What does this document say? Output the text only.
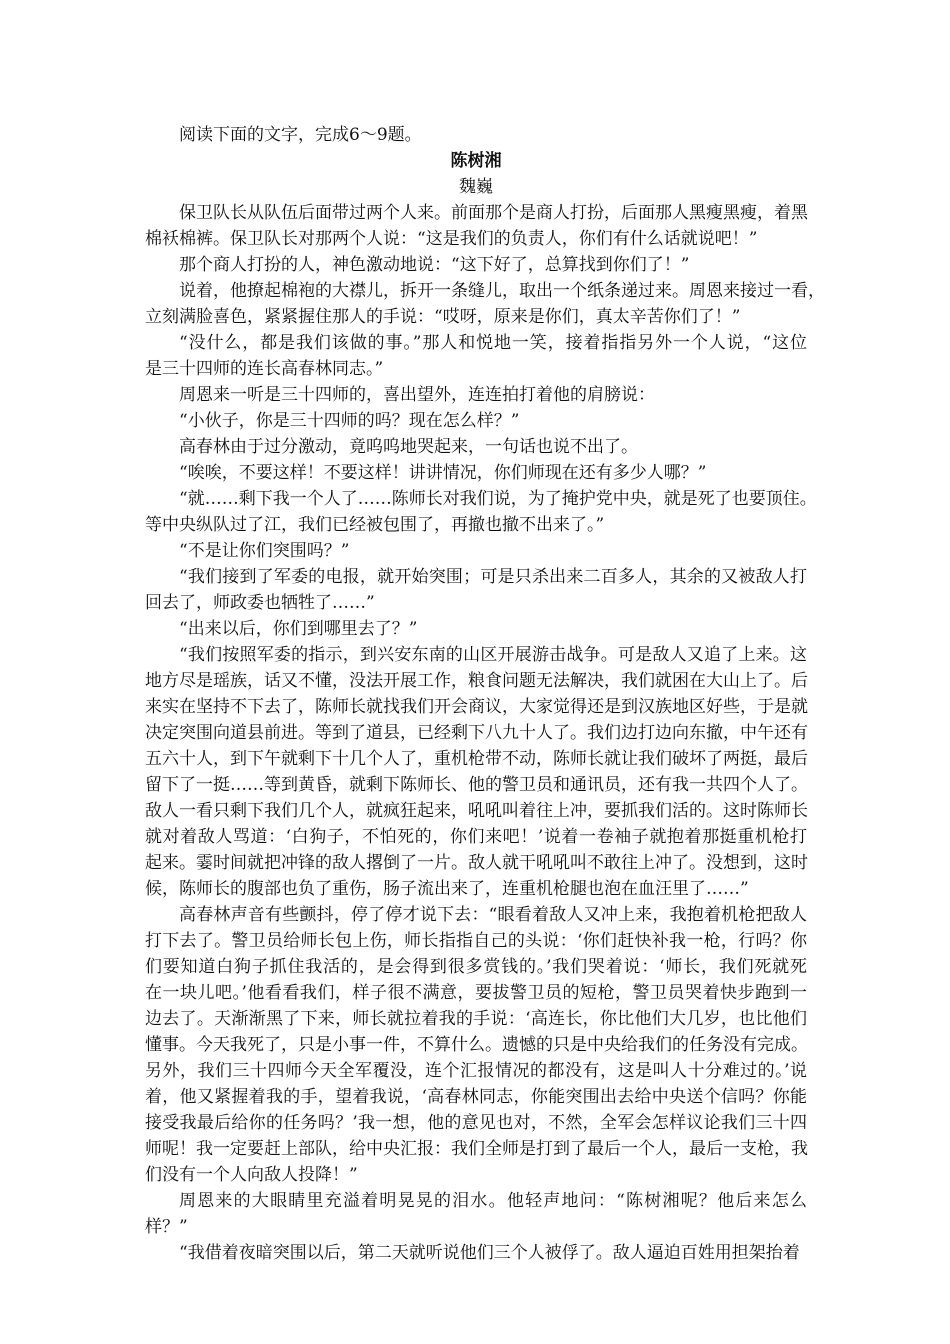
阅读下面的文字，完成6～9题。
陈树湘
魏巍
保卫队长从队伍后面带过两个人来。前面那个是商人打扮，后面那人黑瘦黑瘦，着黑
棉袄棉裤。保卫队长对那两个人说：“这是我们的负责人，你们有什么话就说吧！”
那个商人打扮的人，神色激动地说：“这下好了，总算找到你们了！”
说着，他撩起棉袍的大襟儿，拆开一条缝儿，取出一个纸条递过来。周恩来接过一看，
立刻满脸喜色，紧紧握住那人的手说：“哎呀，原来是你们，真太辛苦你们了！”
“没什么，都是我们该做的事。”那人和悦地一笑，接着指指另外一个人说，“这位
是三十四师的连长高春林同志。”
周恩来一听是三十四师的，喜出望外，连连拍打着他的肩膀说：
“小伙子，你是三十四师的吗？现在怎么样？”
高春林由于过分激动，竟呜呜地哭起来，一句话也说不出了。
“唉唉，不要这样！不要这样！讲讲情况，你们师现在还有多少人哪？”
“就……剩下我一个人了……陈师长对我们说，为了掩护党中央，就是死了也要顶住。
等中央纵队过了江，我们已经被包围了，再撤也撤不出来了。”
“不是让你们突围吗？”
“我们接到了军委的电报，就开始突围；可是只杀出来二百多人，其余的又被敌人打
回去了，师政委也牺牲了……”
“出来以后，你们到哪里去了？”
“我们按照军委的指示，到兴安东南的山区开展游击战争。可是敌人又追了上来。这
地方尽是瑶族，话又不懂，没法开展工作，粮食问题无法解决，我们就困在大山上了。后
来实在坚持不下去了，陈师长就找我们开会商议，大家觉得还是到汉族地区好些，于是就
决定突围向道县前进。等到了道县，已经剩下八九十人了。我们边打边向东撤，中午还有
五六十人，到下午就剩下十几个人了，重机枪带不动，陈师长就让我们破坏了两挺，最后
留下了一挺……等到黄昏，就剩下陈师长、他的警卫员和通讯员，还有我一共四个人了。
敌人一看只剩下我们几个人，就疯狂起来，吼吼叫着往上冲，要抓我们活的。这时陈师长
就对着敌人骂道：‘白狗子，不怕死的，你们来吧！’说着一卷袖子就抱着那挺重机枪打
起来。霎时间就把冲锋的敌人撂倒了一片。敌人就干吼吼叫不敢往上冲了。没想到，这时
候，陈师长的腹部也负了重伤，肠子流出来了，连重机枪腿也泡在血汪里了……”
高春林声音有些颤抖，停了停才说下去：“眼看着敌人又冲上来，我抱着机枪把敌人
打下去了。警卫员给师长包上伤，师长指指自己的头说：‘你们赶快补我一枪，行吗？你
们要知道白狗子抓住我活的，是会得到很多赏钱的。’我们哭着说：‘师长，我们死就死
在一块儿吧。’他看看我们，样子很不满意，要拔警卫员的短枪，警卫员哭着快步跑到一
边去了。天渐渐黑了下来，师长就拉着我的手说：‘高连长，你比他们大几岁，也比他们
懂事。今天我死了，只是小事一件，不算什么。遗憾的只是中央给我们的任务没有完成。
另外，我们三十四师今天全军覆没，连个汇报情况的都没有，这是叫人十分难过的。’说
着，他又紧握着我的手，望着我说，‘高春林同志，你能突围出去给中央送个信吗？你能
接受我最后给你的任务吗？’我一想，他的意见也对，不然，全军会怎样议论我们三十四
师呢！我一定要赶上部队，给中央汇报：我们全师是打到了最后一个人，最后一支枪，我
们没有一个人向敌人投降！”
周恩来的大眼睛里充溢着明晃晃的泪水。他轻声地问：“陈树湘呢？他后来怎么
样？”
“我借着夜暗突围以后，第二天就听说他们三个人被俘了。敌人逼迫百姓用担架抬着
